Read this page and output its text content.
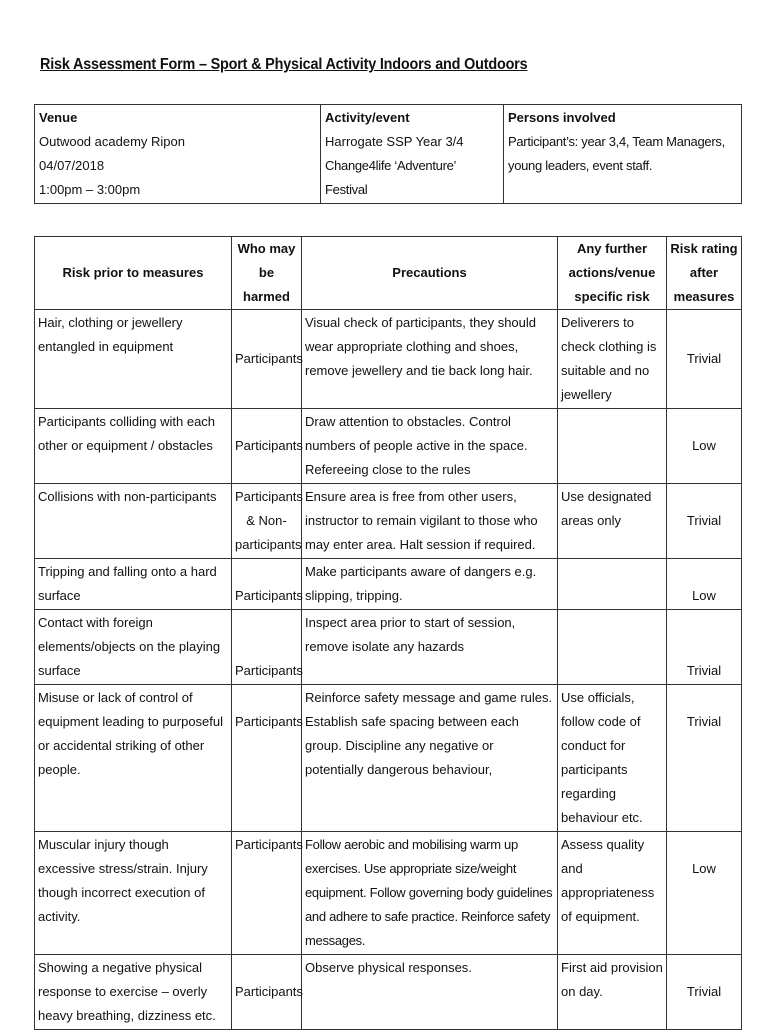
Risk Assessment Form – Sport & Physical Activity Indoors and Outdoors
Venue
Outwood academy Ripon
04/07/2018
1:00pm – 3:00pm

Activity/event
Harrogate SSP Year 3/4
Change4life ‘Adventure’ Festival

Persons involved
Participant’s: year 3,4, Team Managers, young leaders, event staff.
Risk prior to measures	Who may be harmed	Precautions	Any further actions/venue specific risk	Risk rating after measures
Hair, clothing or jewellery entangled in equipment	Participants	Visual check of participants, they should wear appropriate clothing and shoes, remove jewellery and tie back long hair.	Deliverers to check clothing is suitable and no jewellery	Trivial
Participants colliding with each other or equipment / obstacles	Participants	Draw attention to obstacles. Control numbers of people active in the space. Refereeing close to the rules		Low
Collisions with non-participants	Participants & Non-participants	Ensure area is free from other users, instructor to remain vigilant to those who may enter area. Halt session if required.	Use designated areas only	Trivial
Tripping and falling onto a hard surface	Participants	Make participants aware of dangers e.g. slipping, tripping.		Low
Contact with foreign elements/objects on the playing surface	Participants	Inspect area prior to start of session, remove isolate any hazards		Trivial
Misuse or lack of control of equipment leading to purposeful or accidental striking of other people.	Participants	Reinforce safety message and game rules. Establish safe spacing between each group. Discipline any negative or potentially dangerous behaviour,	Use officials, follow code of conduct for participants regarding behaviour etc.	Trivial
Muscular injury though excessive stress/strain. Injury though incorrect execution of activity.	Participants	Follow aerobic and mobilising warm up exercises. Use appropriate size/weight equipment. Follow governing body guidelines and adhere to safe practice. Reinforce safety messages.	Assess quality and appropriateness of equipment.	Low
Showing a negative physical response to exercise – overly heavy breathing, dizziness etc.	Participants	Observe physical responses.	First aid provision on day.	Trivial
